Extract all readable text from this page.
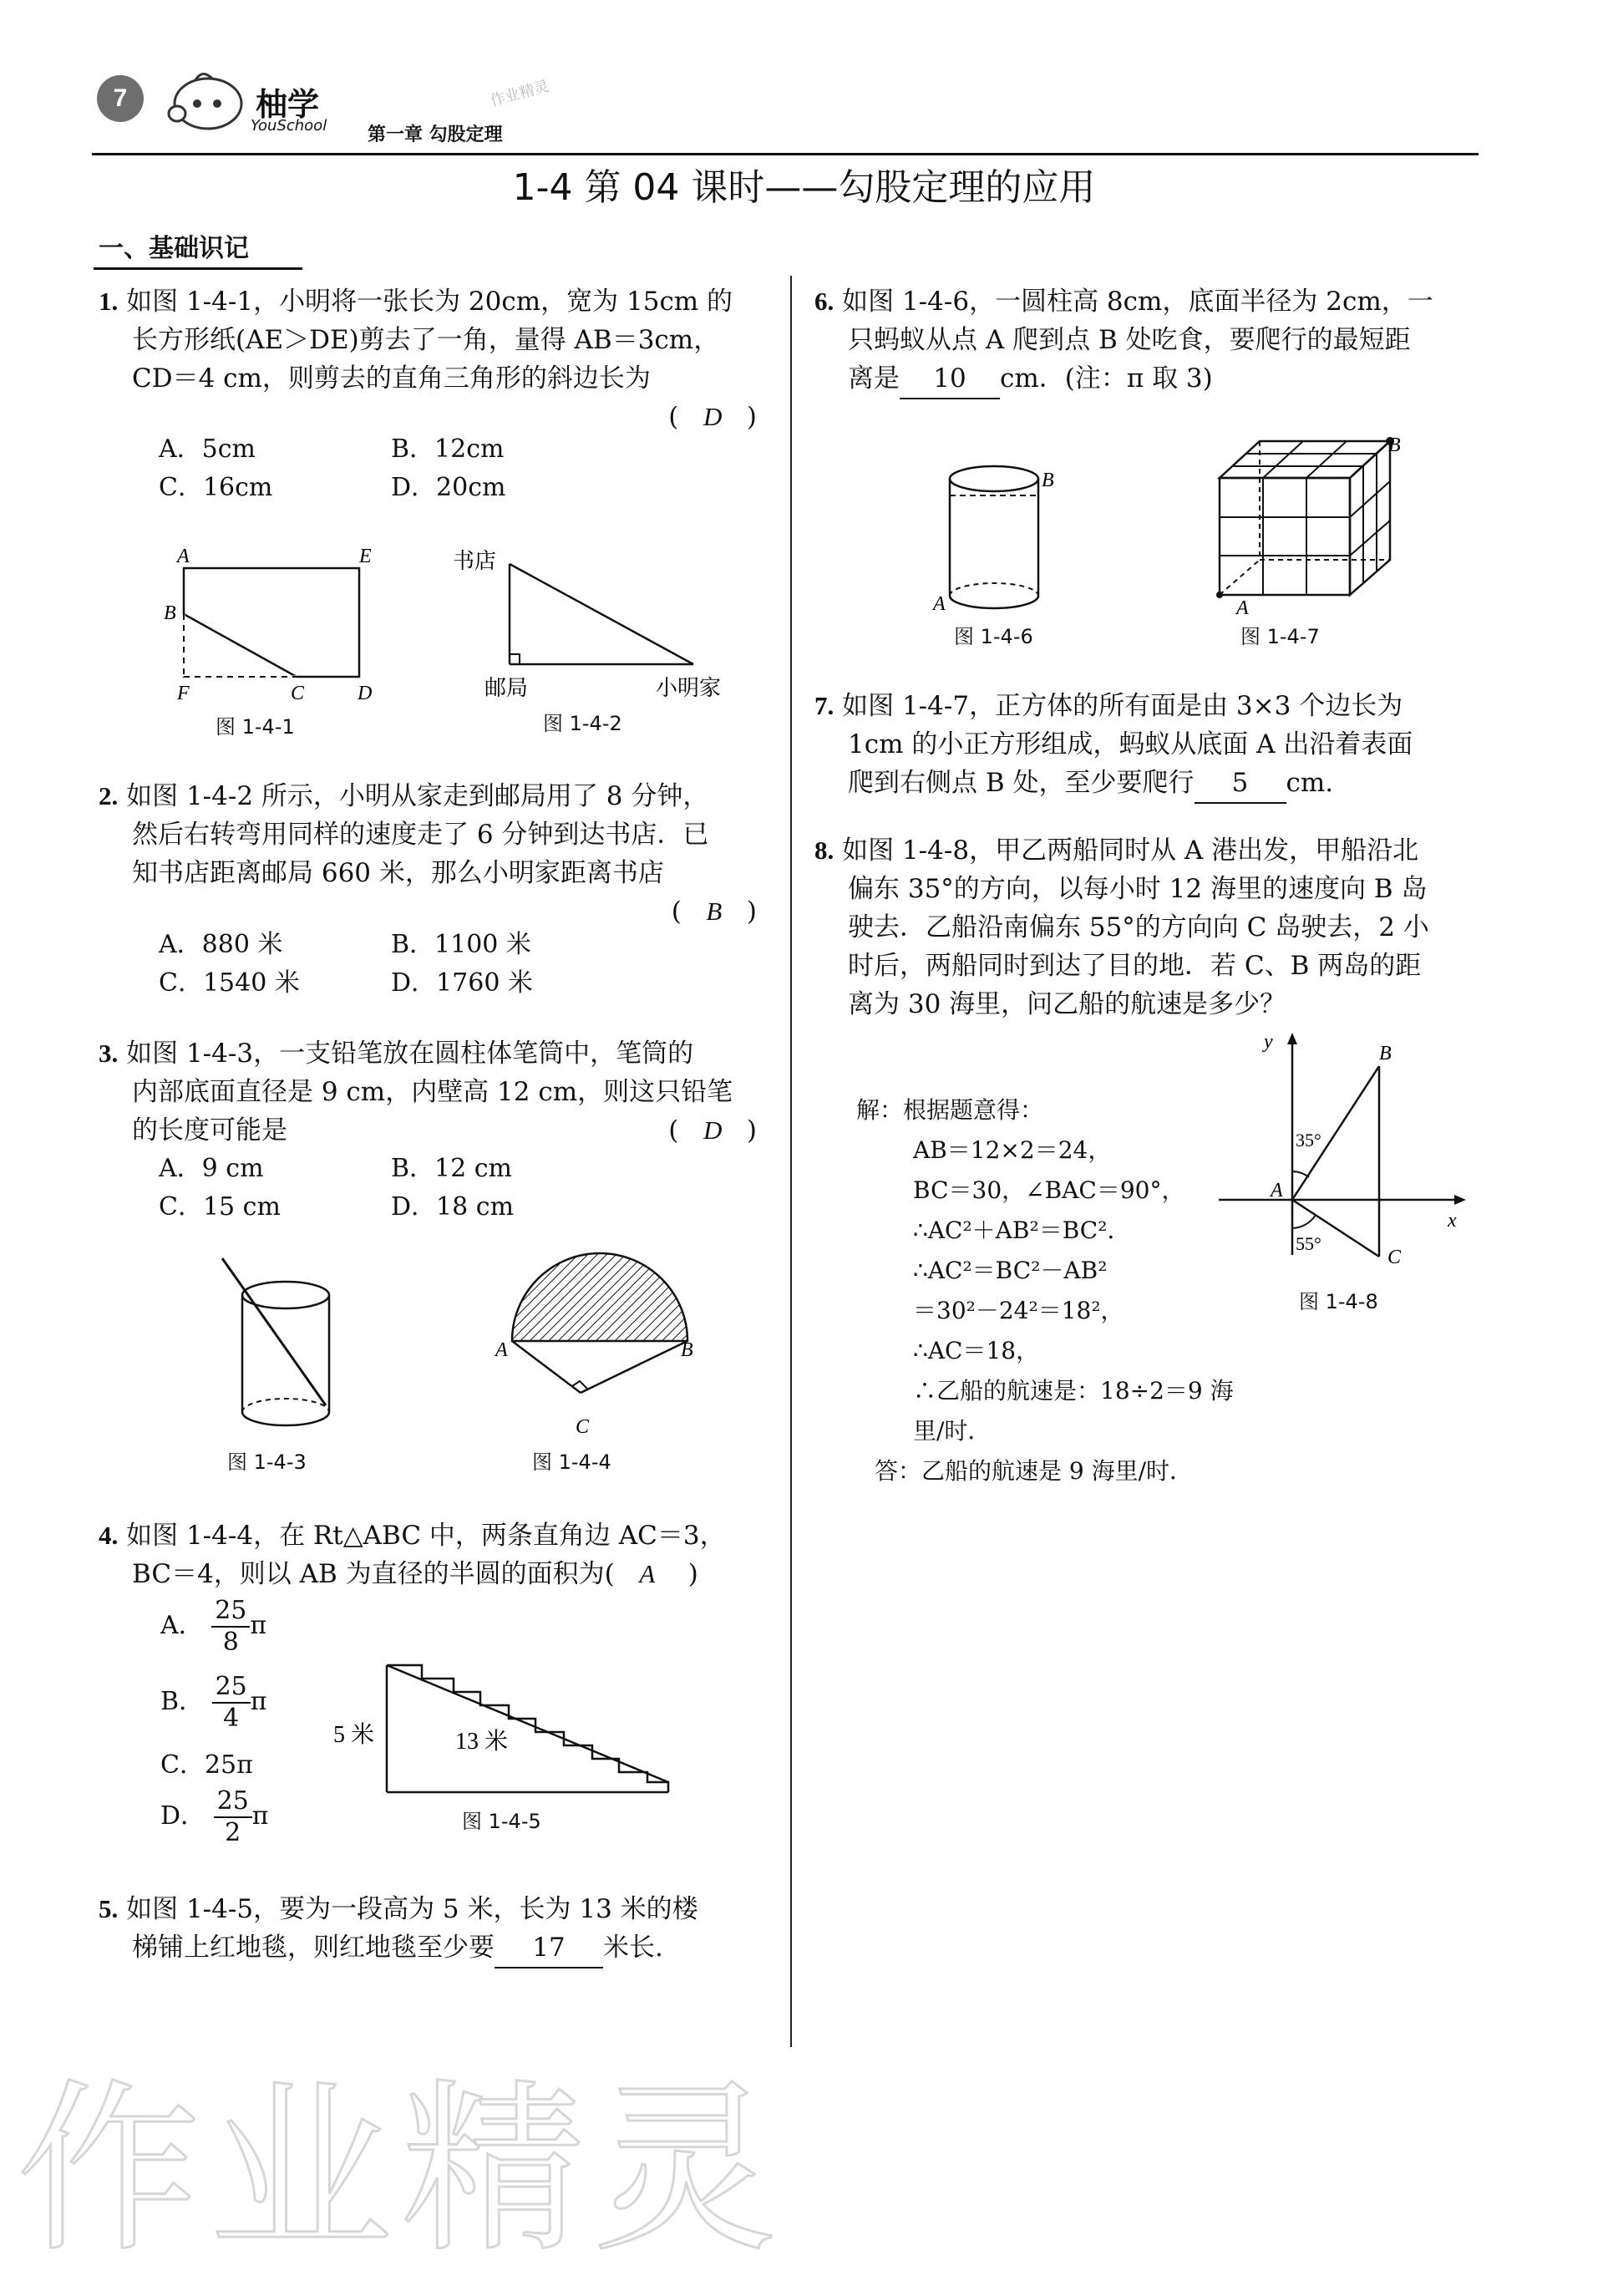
7	柚学
YouSchool 第一章 勾股定理
作业精灵
1-4 第 04 课时——勾股定理的应用
一、基础识记
1. 如图 1-4-1，小明将一张长为 20cm，宽为 15cm 的
长方形纸(AE＞DE)剪去了一角，量得 AB＝3cm，
CD＝4 cm，则剪去的直角三角形的斜边长为
(   D   )
A．5cm	B．12cm
C．16cm	D．20cm
A	E
B
F	C	D
图 1-4-1
书店
邮局	小明家
图 1-4-2
2. 如图 1-4-2 所示，小明从家走到邮局用了 8 分钟，
然后右转弯用同样的速度走了 6 分钟到达书店．已
知书店距离邮局 660 米，那么小明家距离书店
(   B   )
A．880 米	B．1100 米
C．1540 米	D．1760 米
3. 如图 1-4-3，一支铅笔放在圆柱体笔筒中，笔筒的
内部底面直径是 9 cm，内壁高 12 cm，则这只铅笔
的长度可能是	(   D   )
A．9 cm	B．12 cm
C．15 cm	D．18 cm
图 1-4-3
A	B
C
图 1-4-4
4. 如图 1-4-4，在 Rt△ABC 中，两条直角边 AC＝3，
BC＝4，则以 AB 为直径的半圆的面积为( A )
A． $\frac{25}{8}$ π
B． $\frac{25}{4}$ π
C．25π
D． $\frac{25}{2}$ π
5 米	13 米
图 1-4-5
5. 如图 1-4-5，要为一段高为 5 米，长为 13 米的楼
梯铺上红地毯，则红地毯至少要 17 米长.
6. 如图 1-4-6，一圆柱高 8cm，底面半径为 2cm，一
只蚂蚁从点 A 爬到点 B 处吃食，要爬行的最短距
离是 10 cm．(注：π 取 3)
B
A
图 1-4-6
B
A
图 1-4-7
7. 如图 1-4-7，正方体的所有面是由 3×3 个边长为
1cm 的小正方形组成，蚂蚁从底面 A 出沿着表面
爬到右侧点 B 处，至少要爬行 5 cm.
8. 如图 1-4-8，甲乙两船同时从 A 港出发，甲船沿北
偏东 35°的方向，以每小时 12 海里的速度向 B 岛
驶去．乙船沿南偏东 55°的方向向 C 岛驶去，2 小
时后，两船同时到达了目的地．若 C、B 两岛的距
离为 30 海里，问乙船的航速是多少？
解：根据题意得：
AB＝12×2＝24，
BC＝30，∠BAC＝90°，
∴AC²＋AB²＝BC²．
∴AC²＝BC²－AB²
＝30²－24²＝18²，
∴AC＝18，
∴乙船的航速是：18÷2＝9 海里/时．
答：乙船的航速是 9 海里/时．
y
B
35°
A
x
55°
C
图 1-4-8
作业精灵
